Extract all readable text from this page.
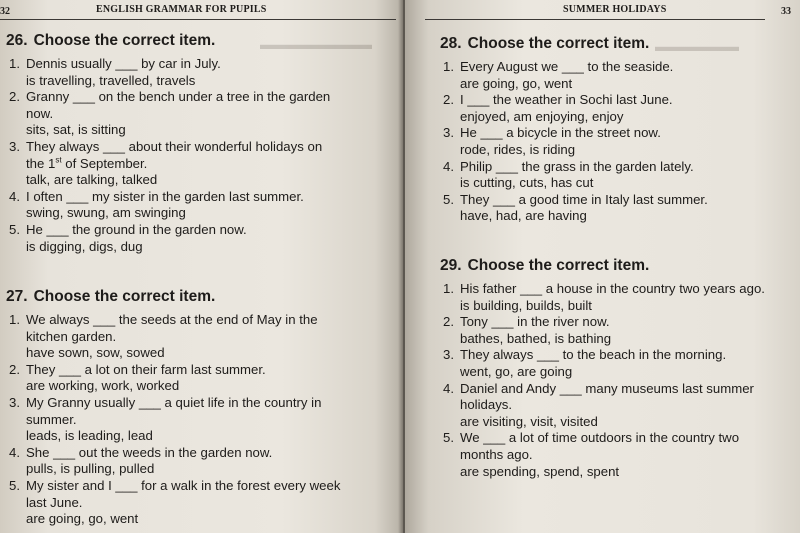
32	ENGLISH GRAMMAR FOR PUPILS
▬▬▬▬▬▬▬▬
26. Choose the correct item.
1. Dennis usually ___ by car in July.
is travelling, travelled, travels
2. Granny ___ on the bench under a tree in the garden
now.
sits, sat, is sitting
3. They always ___ about their wonderful holidays on
the 1st of September.
talk, are talking, talked
4. I often ___ my sister in the garden last summer.
swing, swung, am swinging
5. He ___ the ground in the garden now.
is digging, digs, dug
27. Choose the correct item.
1. We always ___ the seeds at the end of May in the
kitchen garden.
have sown, sow, sowed
2. They ___ a lot on their farm last summer.
are working, work, worked
3. My Granny usually ___ a quiet life in the country in
summer.
leads, is leading, lead
4. She ___ out the weeds in the garden now.
pulls, is pulling, pulled
5. My sister and I ___ for a walk in the forest every week
last June.
are going, go, went
SUMMER HOLIDAYS	33
▬▬▬▬▬▬
28. Choose the correct item.
1. Every August we ___ to the seaside.
are going, go, went
2. I ___ the weather in Sochi last June.
enjoyed, am enjoying, enjoy
3. He ___ a bicycle in the street now.
rode, rides, is riding
4. Philip ___ the grass in the garden lately.
is cutting, cuts, has cut
5. They ___ a good time in Italy last summer.
have, had, are having
29. Choose the correct item.
1. His father ___ a house in the country two years ago.
is building, builds, built
2. Tony ___ in the river now.
bathes, bathed, is bathing
3. They always ___ to the beach in the morning.
went, go, are going
4. Daniel and Andy ___ many museums last summer
holidays.
are visiting, visit, visited
5. We ___ a lot of time outdoors in the country two
months ago.
are spending, spend, spent
